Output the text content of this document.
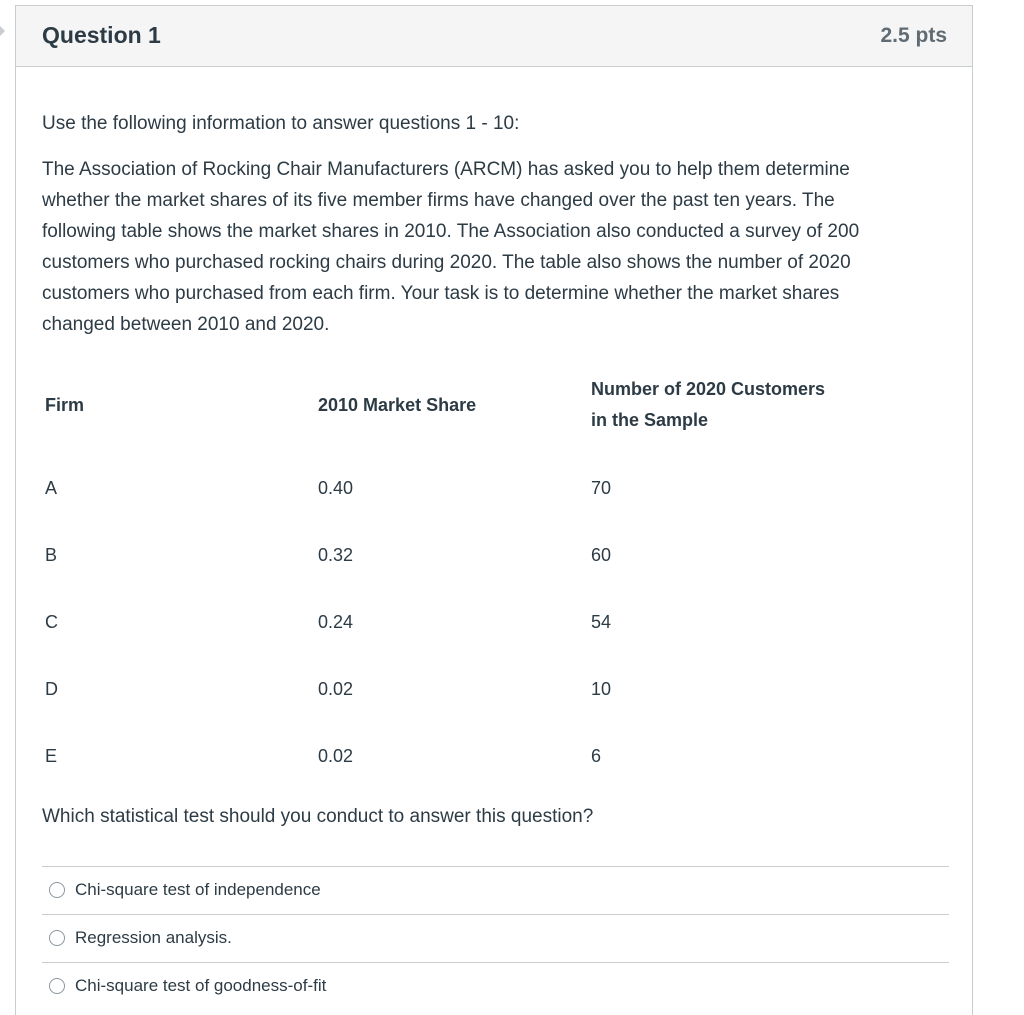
Question 1	2.5 pts
Use the following information to answer questions 1 - 10:
The Association of Rocking Chair Manufacturers (ARCM) has asked you to help them determine
whether the market shares of its five member firms have changed over the past ten years. The
following table shows the market shares in 2010. The Association also conducted a survey of 200
customers who purchased rocking chairs during 2020. The table also shows the number of 2020
customers who purchased from each firm. Your task is to determine whether the market shares
changed between 2010 and 2020.
Firm	2010 Market Share
Number of 2020 Customers
in the Sample
A	0.40	70
B	0.32	60
C	0.24	54
D	0.02	10
E	0.02	6
Which statistical test should you conduct to answer this question?
Chi-square test of independence
Regression analysis.
Chi-square test of goodness-of-fit
